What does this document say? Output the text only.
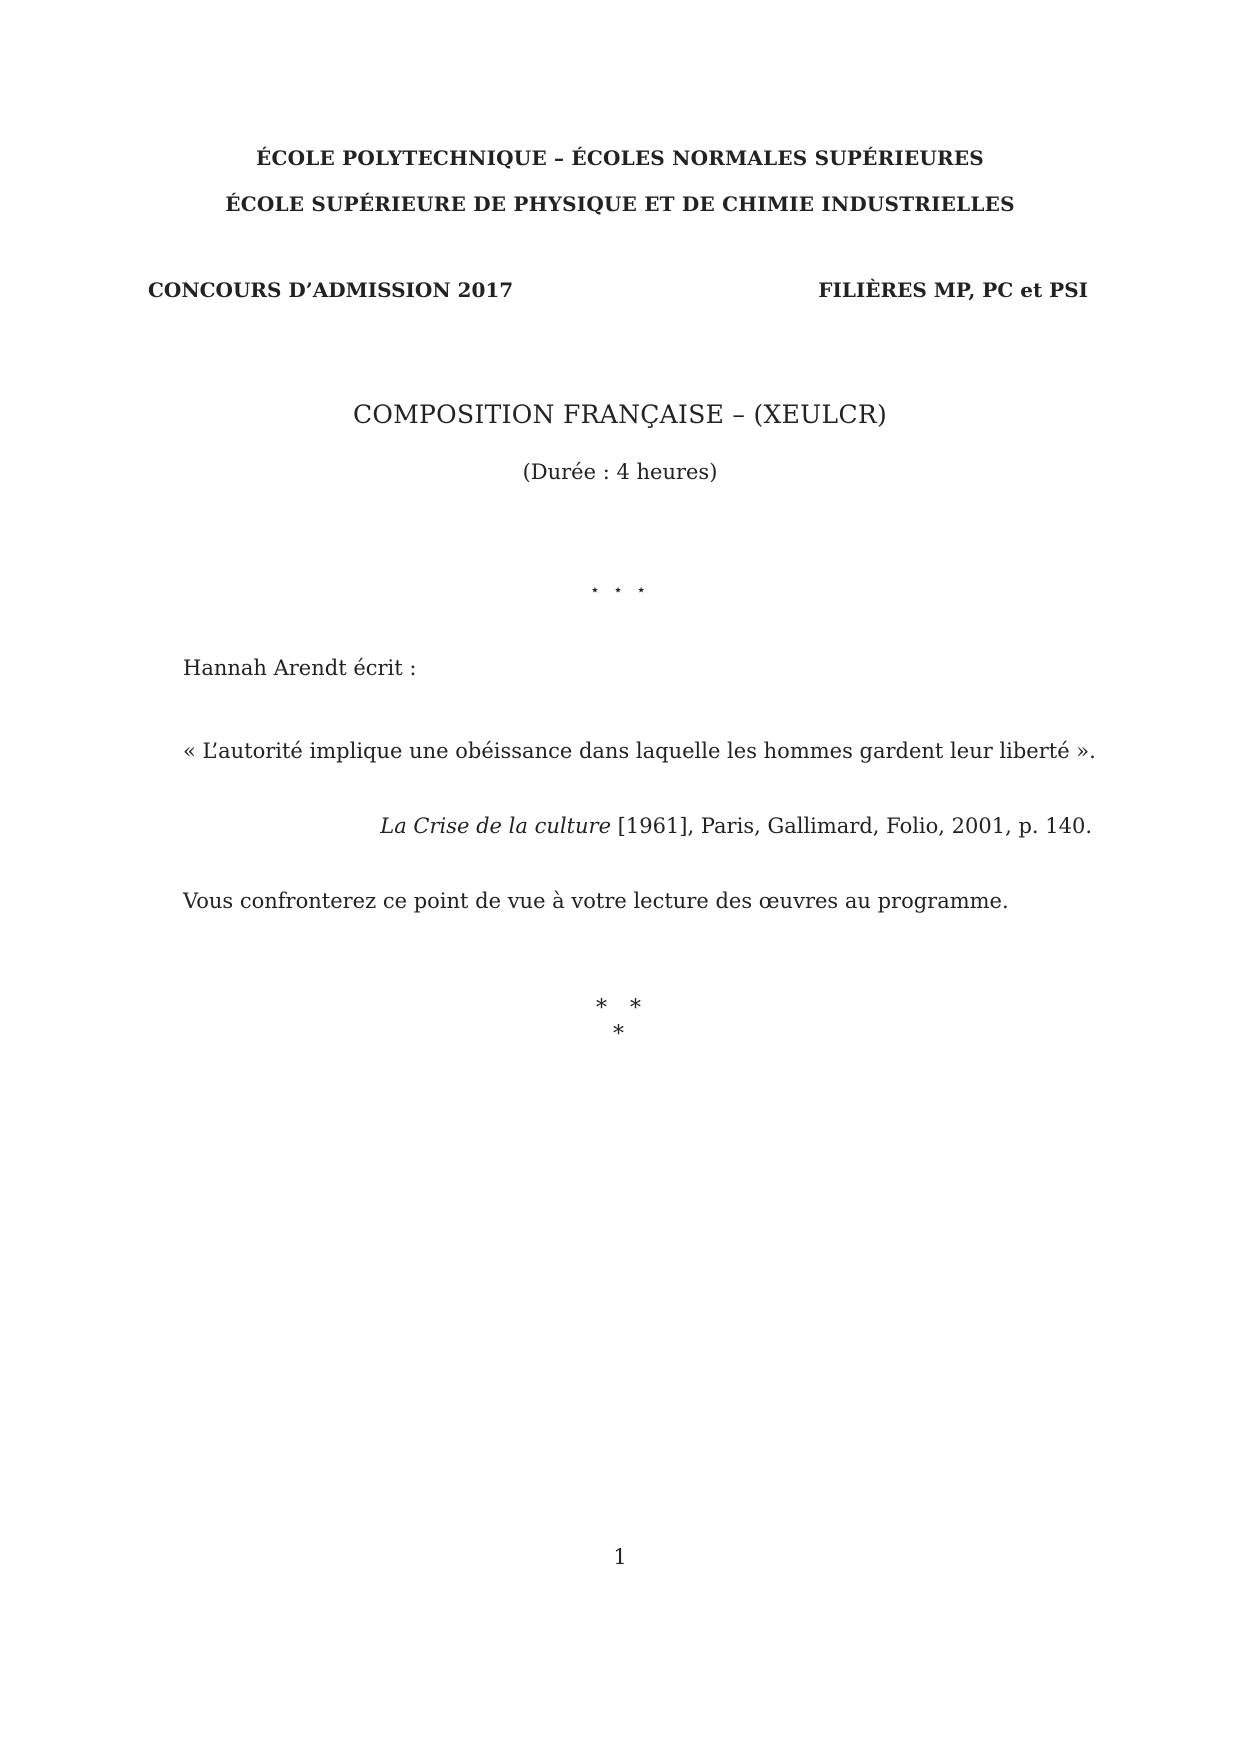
ÉCOLE POLYTECHNIQUE – ÉCOLES NORMALES SUPÉRIEURES
ÉCOLE SUPÉRIEURE DE PHYSIQUE ET DE CHIMIE INDUSTRIELLES
CONCOURS D’ADMISSION 2017	FILIÈRES MP, PC et PSI
COMPOSITION FRANÇAISE – (XEULCR)
(Durée : 4 heures)
⋆ ⋆ ⋆
Hannah Arendt écrit :
« L’autorité implique une obéissance dans laquelle les hommes gardent leur liberté ».
La Crise de la culture [1961], Paris, Gallimard, Folio, 2001, p. 140.
Vous confronterez ce point de vue à votre lecture des œuvres au programme.
* *
*
1
